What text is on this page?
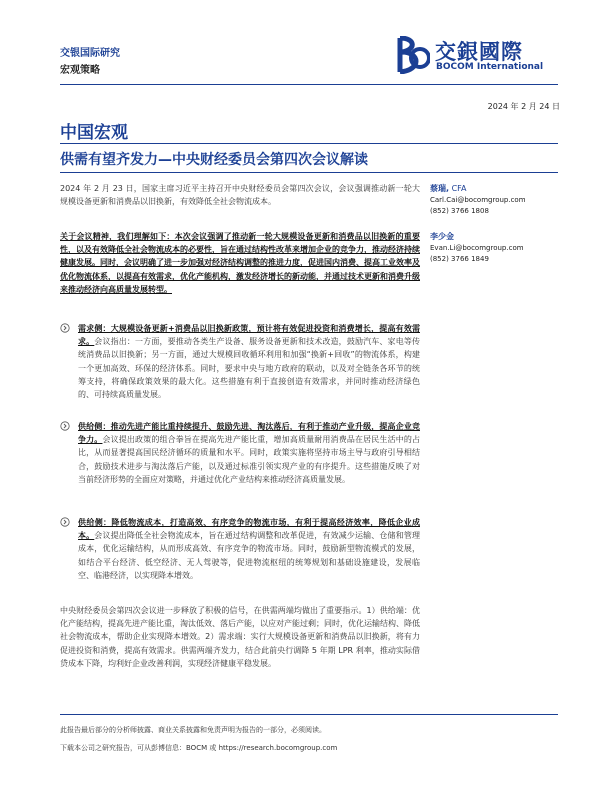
交银国际研究
宏观策略
交銀國際
BOCOM International
2024 年 2 月 24 日
中国宏观
供需有望齐发力—中央财经委员会第四次会议解读
蔡瑞, CFA
Carl.Cai@bocomgroup.com
(852) 3766 1808
李少金
Evan.Li@bocomgroup.com
(852) 3766 1849
2024 年 2 月 23 日，国家主席习近平主持召开中央财经委员会第四次会议，会议强调推动新一轮大规模设备更新和消费品以旧换新，有效降低全社会物流成本。
关于会议精神，我们理解如下：本次会议强调了推动新一轮大规模设备更新和消费品以旧换新的重要性，以及有效降低全社会物流成本的必要性，旨在通过结构性改革来增加企业的竞争力，推动经济持续健康发展。同时，会议明确了进一步加强对经济结构调整的推进力度，促进国内消费、提高工业效率及优化物流体系，以提高有效需求，优化产能机构，激发经济增长的新动能，并通过技术更新和消费升级来推动经济向高质量发展转型。
需求侧：大规模设备更新+消费品以旧换新政策，预计将有效促进投资和消费增长，提高有效需求。会议指出：一方面，要推动各类生产设备、服务设备更新和技术改造，鼓励汽车、家电等传统消费品以旧换新；另一方面，通过大规模回收循环利用和加强“换新+回收”的物流体系，构建一个更加高效、环保的经济体系。同时，要求中央与地方政府的联动，以及对全链条各环节的统筹支持，将确保政策效果的最大化。这些措施有利于直接创造有效需求，并同时推动经济绿色的、可持续高质量发展。
供给侧：推动先进产能比重持续提升、鼓励先进、淘汰落后，有利于推动产业升级，提高企业竞争力。会议提出政策的组合拳旨在提高先进产能比重，增加高质量耐用消费品在居民生活中的占比，从而显著提高国民经济循环的质量和水平。同时，政策实施将坚持市场主导与政府引导相结合，鼓励技术进步与淘汰落后产能，以及通过标准引领实现产业的有序提升。这些措施反映了对当前经济形势的全面应对策略，并通过优化产业结构来推动经济高质量发展。
供给侧：降低物流成本，打造高效、有序竞争的物流市场，有利于提高经济效率，降低企业成本。会议提出降低全社会物流成本，旨在通过结构调整和改革促进，有效减少运输、仓储和管理成本，优化运输结构，从而形成高效、有序竞争的物流市场。同时，鼓励新型物流模式的发展，如结合平台经济、低空经济、无人驾驶等，促进物流枢纽的统筹规划和基础设施建设，发展临空、临港经济，以实现降本增效。
中央财经委员会第四次会议进一步释放了积极的信号，在供需两端均做出了重要指示。1）供给端：优化产能结构，提高先进产能比重，淘汰低效、落后产能，以应对产能过剩；同时，优化运输结构、降低社会物流成本，帮助企业实现降本增效。2）需求端：实行大规模设备更新和消费品以旧换新，将有力促进投资和消费，提高有效需求。供需两端齐发力，结合此前央行调降 5 年期 LPR 利率，推动实际借贷成本下降，均利好企业改善利润，实现经济健康平稳发展。
此报告最后部分的分析师披露、商业关系披露和免责声明为报告的一部分，必须阅读。
下载本公司之研究报告，可从彭博信息：BOCM 或 https://research.bocomgroup.com
